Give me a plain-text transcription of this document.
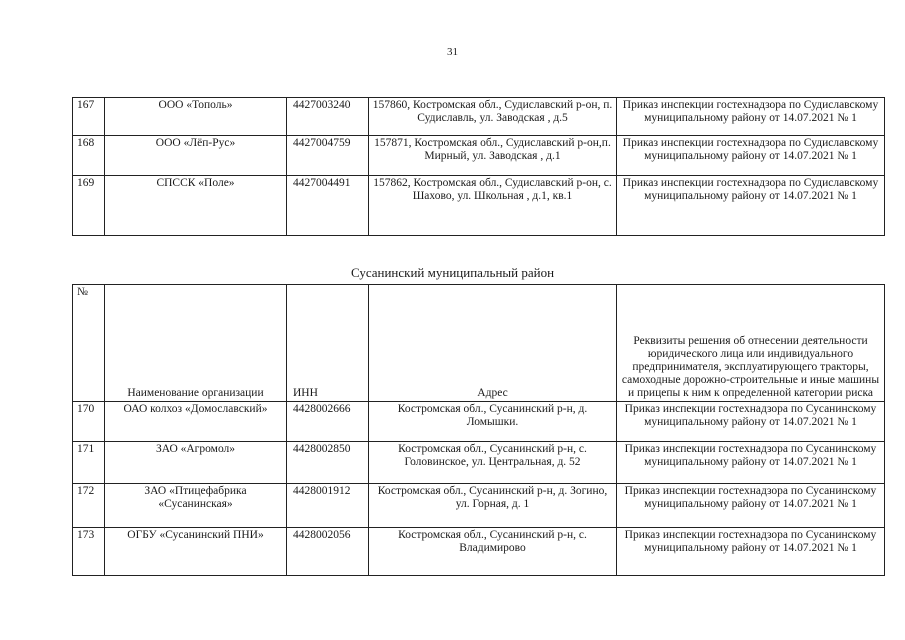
31
167	ООО «Тополь»	4427003240	157860, Костромская обл., Судиславский р-он, п. Судиславль, ул. Заводская , д.5	Приказ инспекции гостехнадзора по Судиславскому муниципальному району от 14.07.2021 № 1
168	ООО «Лёп-Рус»	4427004759	157871, Костромская обл., Судиславский р-он,п. Мирный, ул. Заводская , д.1	Приказ инспекции гостехнадзора по Судиславскому муниципальному району от 14.07.2021 № 1
169	СПССК «Поле»	4427004491	157862, Костромская обл., Судиславский р-он, с. Шахово, ул. Школьная , д.1, кв.1	Приказ инспекции гостехнадзора по Судиславскому муниципальному району от 14.07.2021 № 1
Сусанинский муниципальный район
№	Наименование организации	ИНН	Адрес	Реквизиты решения об отнесении деятельности юридического лица или индивидуального предпринимателя, эксплуатирующего тракторы, самоходные дорожно-строительные и иные машины и прицепы к ним к определенной категории риска
170	ОАО колхоз «Домославский»	4428002666	Костромская обл., Сусанинский р-н, д. Ломышки.	Приказ инспекции гостехнадзора по Сусанинскому муниципальному району от 14.07.2021 № 1
171	ЗАО «Агромол»	4428002850	Костромская обл., Сусанинский р-н, с. Головинское, ул. Центральная, д. 52	Приказ инспекции гостехнадзора по Сусанинскому муниципальному району от 14.07.2021 № 1
172	ЗАО «Птицефабрика «Сусанинская»	4428001912	Костромская обл., Сусанинский р-н, д. Зогино, ул. Горная, д. 1	Приказ инспекции гостехнадзора по Сусанинскому муниципальному району от 14.07.2021 № 1
173	ОГБУ «Сусанинский ПНИ»	4428002056	Костромская обл., Сусанинский р-н, с. Владимирово	Приказ инспекции гостехнадзора по Сусанинскому муниципальному району от 14.07.2021 № 1
